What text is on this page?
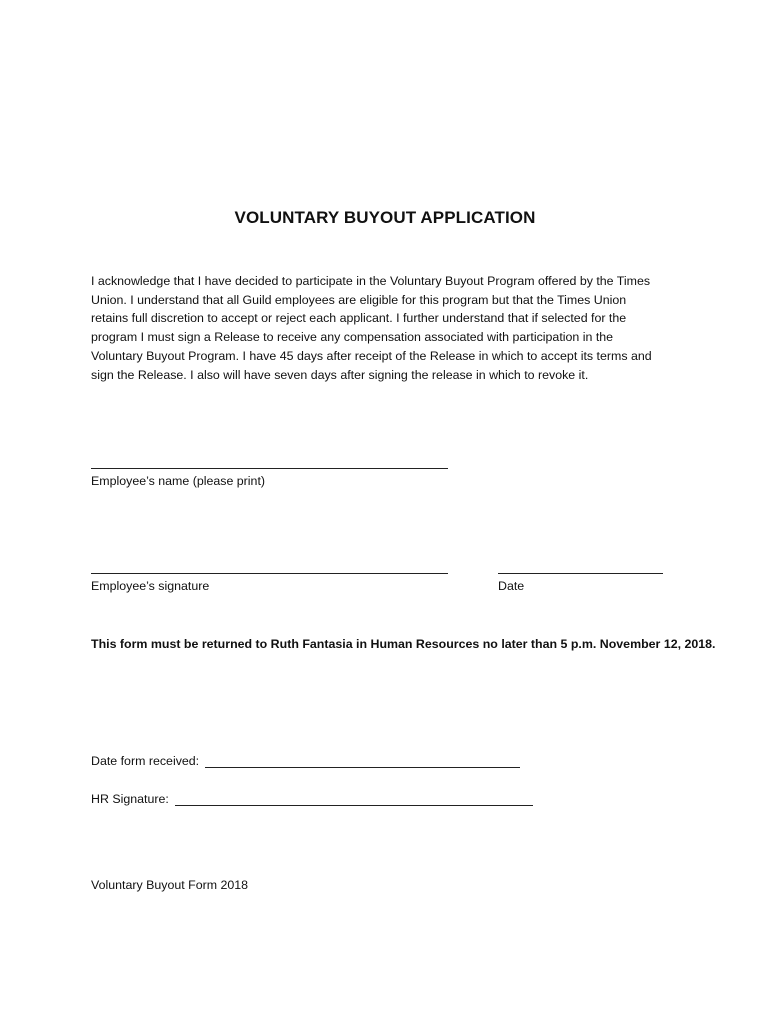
VOLUNTARY BUYOUT APPLICATION
I acknowledge that I have decided to participate in the Voluntary Buyout Program offered by the Times
Union. I understand that all Guild employees are eligible for this program but that the Times Union
retains full discretion to accept or reject each applicant. I further understand that if selected for the
program I must sign a Release to receive any compensation associated with participation in the
Voluntary Buyout Program. I have 45 days after receipt of the Release in which to accept its terms and
sign the Release. I also will have seven days after signing the release in which to revoke it.
Employee’s name (please print)
Employee’s signature	Date
This form must be returned to Ruth Fantasia in Human Resources no later than 5 p.m. November 12, 2018.
Date form received:
HR Signature:
Voluntary Buyout Form 2018
